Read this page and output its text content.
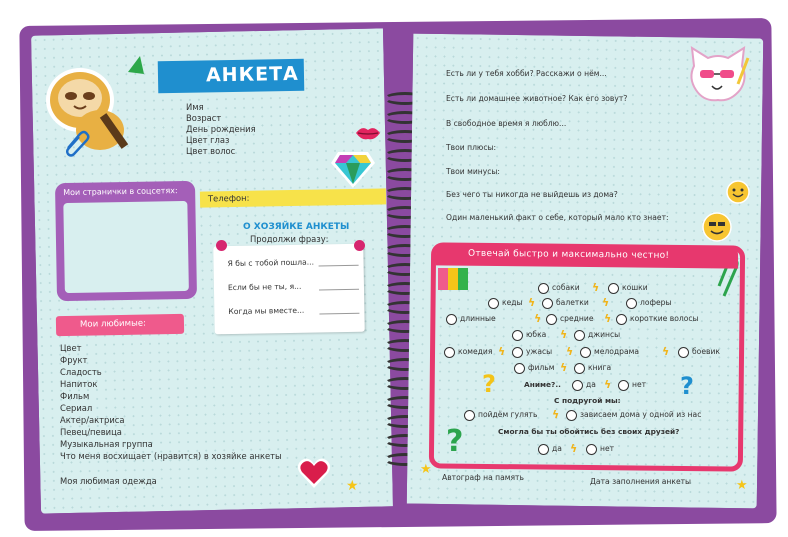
АНКЕТА
Имя
Возраст
День рождения
Цвет глаз
Цвет волос
Мои странички в соцсетях:
Телефон:
О ХОЗЯЙКЕ АНКЕТЫ
Продолжи фразу:
Я бы с тобой пошла...
Если бы не ты, я...
Когда мы вместе...
Мои любимые:
Цвет
Фрукт
Сладость
Напиток
Фильм
Сериал
Актер/актриса
Певец/певица
Музыкальная группа
Что меня восхищает (нравится) в хозяйке анкеты
Моя любимая одежда	★
Есть ли у тебя хобби? Расскажи о нём...
Есть ли домашнее животное? Как его зовут?
В свободное время я люблю...
Твои плюсы:
Твои минусы:
Без чего ты никогда не выйдешь из дома?
Один маленький факт о себе, который мало кто знает:
Отвечай быстро и максимально честно!
собаки ϟ	кошки
кеды ϟ	балетки ϟ	лоферы
длинные	ϟ средние ϟ короткие волосы
юбка ϟ	джинсы
комедия ϟ	ужасы ϟ	мелодрама ϟ	боевик
фильм ϟ	книга
Аниме?..	да ϟ	нет
С подругой мы:
пойдём гулять ϟ	зависаем дома у одной из нас
Смогла бы ты обойтись без своих друзей?
да ϟ	нет
?	?
?
Автограф на память	Дата заполнения анкеты
★
★
